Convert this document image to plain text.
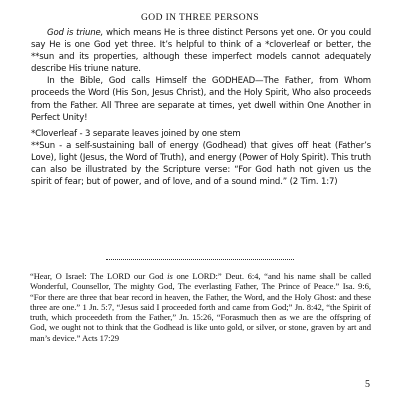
GOD IN THREE PERSONS

God is triune, which means He is three distinct Persons yet one. Or you could say He is one God yet three. It’s helpful to think of a *cloverleaf or better, the **sun and its properties, although these imperfect models cannot adequately describe His triune nature.

In the Bible, God calls Himself the GODHEAD—The Father, from Whom proceeds the Word (His Son, Jesus Christ), and the Holy Spirit, Who also proceeds from the Father. All Three are separate at times, yet dwell within One Another in Perfect Unity!

*Cloverleaf - 3 separate leaves joined by one stem

**Sun - a self-sustaining ball of energy (Godhead) that gives off heat (Father’s Love), light (Jesus, the Word of Truth), and energy (Power of Holy Spirit). This truth can also be illustrated by the Scripture verse: “For God hath not given us the spirit of fear; but of power, and of love, and of a sound mind.” (2 Tim. 1:7)

“Hear, O Israel: The LORD our God is one LORD:” Deut. 6:4, “and his name shall be called Wonderful, Counsellor, The mighty God, The everlasting Father, The Prince of Peace.” Isa. 9:6, “For there are three that bear record in heaven, the Father, the Word, and the Holy Ghost: and these three are one.” 1 Jn. 5:7, “Jesus said I proceeded forth and came from God;” Jn. 8:42, “the Spirit of truth, which proceedeth from the Father,” Jn. 15:26, “Forasmuch then as we are the offspring of God, we ought not to think that the Godhead is like unto gold, or silver, or stone, graven by art and man’s device.” Acts 17:29

5
